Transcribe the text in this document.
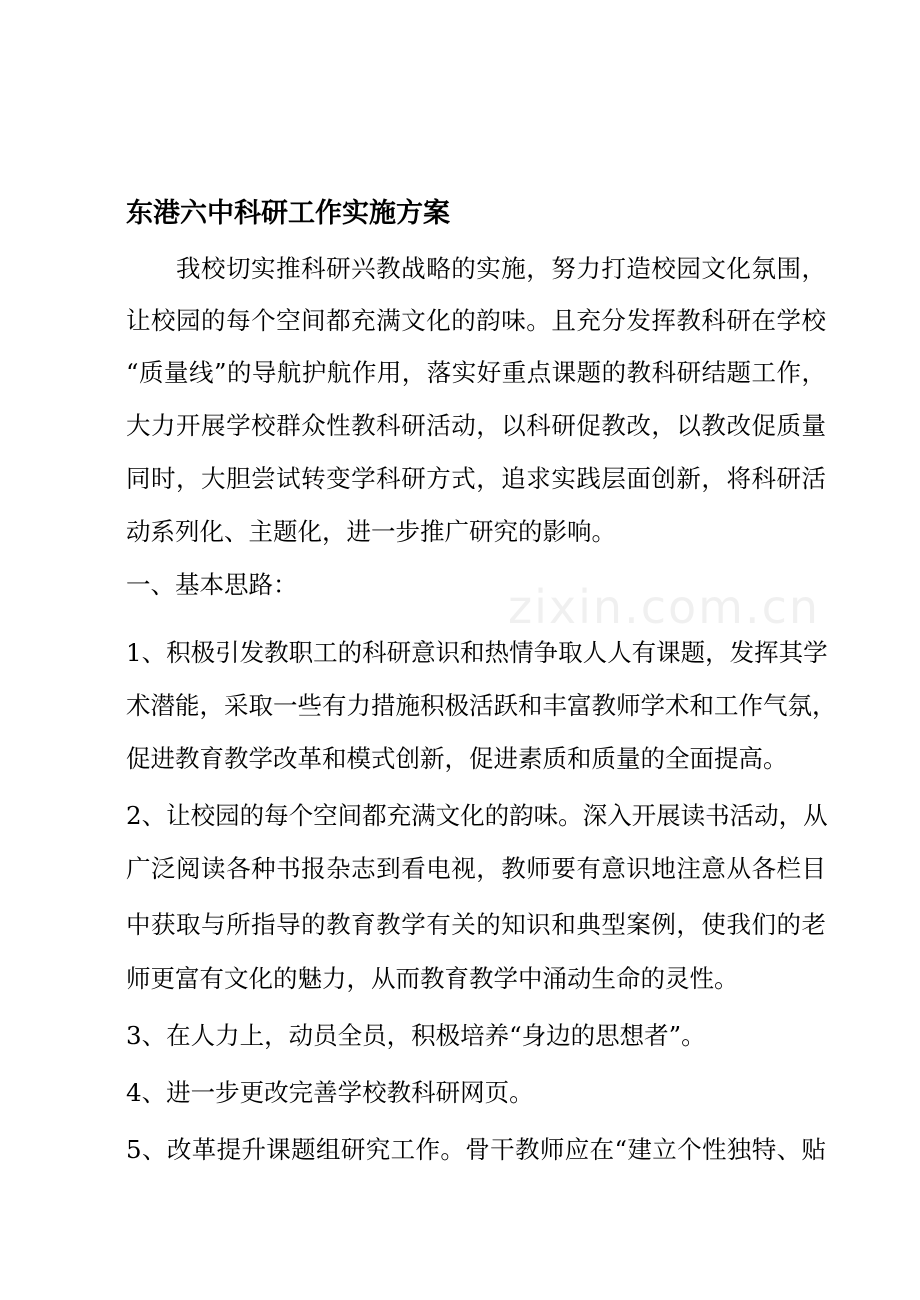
东港六中科研工作实施方案
我校切实推科研兴教战略的实施，努力打造校园文化氛围，
让校园的每个空间都充满文化的韵味。且充分发挥教科研在学校
“质量线”的导航护航作用，落实好重点课题的教科研结题工作，
大力开展学校群众性教科研活动，以科研促教改，以教改促质量
同时，大胆尝试转变学科研方式，追求实践层面创新，将科研活
动系列化、主题化，进一步推广研究的影响。
一、基本思路：
1、积极引发教职工的科研意识和热情争取人人有课题，发挥其学
术潜能，采取一些有力措施积极活跃和丰富教师学术和工作气氛，
促进教育教学改革和模式创新，促进素质和质量的全面提高。
2、让校园的每个空间都充满文化的韵味。深入开展读书活动，从
广泛阅读各种书报杂志到看电视，教师要有意识地注意从各栏目
中获取与所指导的教育教学有关的知识和典型案例，使我们的老
师更富有文化的魅力，从而教育教学中涌动生命的灵性。
3、在人力上，动员全员，积极培养“身边的思想者”。
4、进一步更改完善学校教科研网页。
5、改革提升课题组研究工作。骨干教师应在“建立个性独特、贴
zixin.com.cn
